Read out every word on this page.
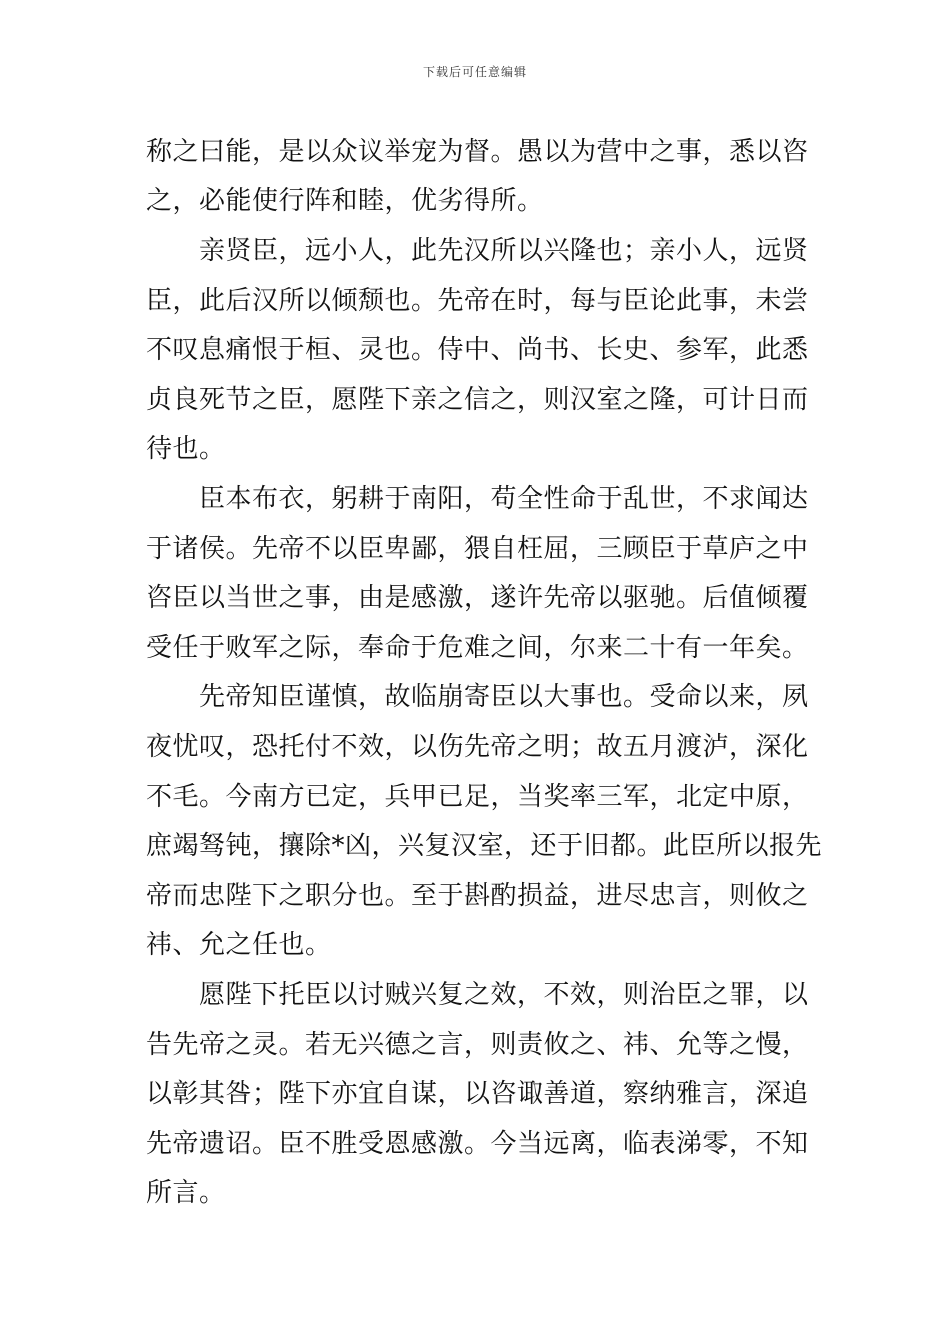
下载后可任意编辑
称之曰能，是以众议举宠为督。愚以为营中之事，悉以咨
之，必能使行阵和睦，优劣得所。
　　亲贤臣，远小人，此先汉所以兴隆也；亲小人，远贤
臣，此后汉所以倾颓也。先帝在时，每与臣论此事，未尝
不叹息痛恨于桓、灵也。侍中、尚书、长史、参军，此悉
贞良死节之臣，愿陛下亲之信之，则汉室之隆，可计日而
待也。
　　臣本布衣，躬耕于南阳，苟全性命于乱世，不求闻达
于诸侯。先帝不以臣卑鄙，猥自枉屈，三顾臣于草庐之中
咨臣以当世之事，由是感激，遂许先帝以驱驰。后值倾覆
受任于败军之际，奉命于危难之间，尔来二十有一年矣。
　　先帝知臣谨慎，故临崩寄臣以大事也。受命以来，夙
夜忧叹，恐托付不效，以伤先帝之明；故五月渡泸，深化
不毛。今南方已定，兵甲已足，当奖率三军，北定中原，
庶竭驽钝，攘除*凶，兴复汉室，还于旧都。此臣所以报先
帝而忠陛下之职分也。至于斟酌损益，进尽忠言，则攸之
祎、允之任也。
　　愿陛下托臣以讨贼兴复之效，不效，则治臣之罪，以
告先帝之灵。若无兴德之言，则责攸之、祎、允等之慢，
以彰其咎；陛下亦宜自谋，以咨诹善道，察纳雅言，深追
先帝遗诏。臣不胜受恩感激。今当远离，临表涕零，不知
所言。
